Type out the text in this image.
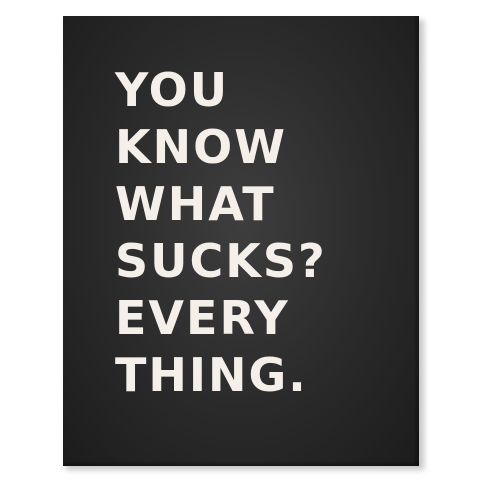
YOU
KNOW
WHAT
SUCKS?
EVERY
THING.
